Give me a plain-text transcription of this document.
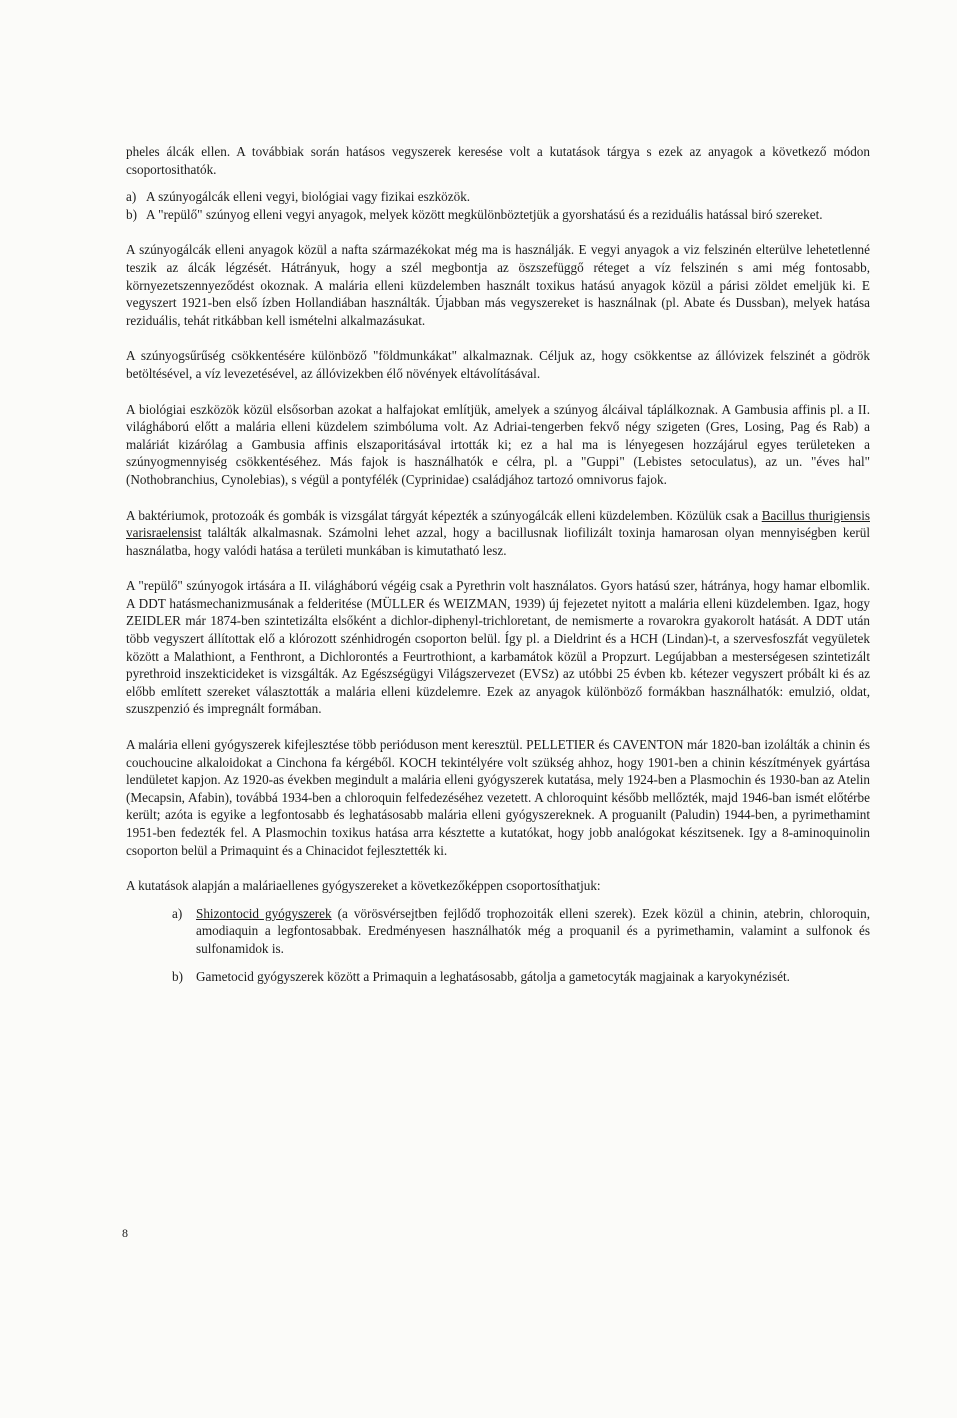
pheles álcák ellen. A továbbiak során hatásos vegyszerek keresése volt a kutatások tárgya s ezek az anyagok a következő módon csoportosithatók.

a) A szúnyogálcák elleni vegyi, biológiai vagy fizikai eszközök.
b) A "repülő" szúnyog elleni vegyi anyagok, melyek között megkülönböztetjük a gyorshatású és a reziduális hatással biró szereket.

A szúnyogálcák elleni anyagok közül a nafta származékokat még ma is használják. E vegyi anyagok a viz felszinén elterülve lehetetlenné teszik az álcák légzését. Hátrányuk, hogy a szél megbontja az öszszefüggő réteget a víz felszinén s ami még fontosabb, környezetszennyeződést okoznak. A malária elleni küzdelemben használt toxikus hatású anyagok közül a párisi zöldet emeljük ki. E vegyszert 1921-ben első ízben Hollandiában használták. Újabban más vegyszereket is használnak (pl. Abate és Dussban), melyek hatása reziduális, tehát ritkábban kell ismételni alkalmazásukat.

A szúnyogsűrűség csökkentésére különböző "földmunkákat" alkalmaznak. Céljuk az, hogy csökkentse az állóvizek felszinét a gödrök betöltésével, a víz levezetésével, az állóvizekben élő növények eltávolításával.

A biológiai eszközök közül elsősorban azokat a halfajokat említjük, amelyek a szúnyog álcáival táplálkoznak. A Gambusia affinis pl. a II. világháború előtt a malária elleni küzdelem szimbóluma volt. Az Adriai-tengerben fekvő négy szigeten (Gres, Losing, Pag és Rab) a maláriát kizárólag a Gambusia affinis elszaporitásával irtották ki; ez a hal ma is lényegesen hozzájárul egyes területeken a szúnyogmennyiség csökkentéséhez. Más fajok is használhatók e célra, pl. a "Guppi" (Lebistes setoculatus), az un. "éves hal" (Nothobranchius, Cynolebias), s végül a pontyfélék (Cyprinidae) családjához tartozó omnivorus fajok.

A baktériumok, protozoák és gombák is vizsgálat tárgyát képezték a szúnyogálcák elleni küzdelemben. Közülük csak a Bacillus thurigiensis varisraelensist találták alkalmasnak. Számolni lehet azzal, hogy a bacillusnak liofilizált toxinja hamarosan olyan mennyiségben kerül használatba, hogy valódi hatása a területi munkában is kimutatható lesz.

A "repülő" szúnyogok irtására a II. világháború végéig csak a Pyrethrin volt használatos. Gyors hatású szer, hátránya, hogy hamar elbomlik. A DDT hatásmechanizmusának a felderitése (MÜLLER és WEIZMAN, 1939) új fejezetet nyitott a malária elleni küzdelemben. Igaz, hogy ZEIDLER már 1874-ben szintetizálta elsőként a dichlor-diphenyl-trichloretant, de nemismerte a rovarokra gyakorolt hatását. A DDT után több vegyszert állítottak elő a klórozott szénhidrogén csoporton belül. Így pl. a Dieldrint és a HCH (Lindan)-t, a szervesfoszfát vegyületek között a Malathiont, a Fenthront, a Dichlorontés a Feurtrothiont, a karbamátok közül a Propzurt. Legújabban a mesterségesen szintetizált pyrethroid inszekticideket is vizsgálták. Az Egészségügyi Világszervezet (EVSz) az utóbbi 25 évben kb. kétezer vegyszert próbált ki és az előbb említett szereket választották a malária elleni küzdelemre. Ezek az anyagok különböző formákban használhatók: emulzió, oldat, szuszpenzió és impregnált formában.

A malária elleni gyógyszerek kifejlesztése több perióduson ment keresztül. PELLETIER és CAVENTON már 1820-ban izolálták a chinin és couchoucine alkaloidokat a Cinchona fa kérgéből. KOCH tekintélyére volt szükség ahhoz, hogy 1901-ben a chinin készítmények gyártása lendületet kapjon. Az 1920-as években megindult a malária elleni gyógyszerek kutatása, mely 1924-ben a Plasmochin és 1930-ban az Atelin (Mecapsin, Afabin), továbbá 1934-ben a chloroquin felfedezéséhez vezetett. A chloroquint később mellőzték, majd 1946-ban ismét előtérbe került; azóta is egyike a legfontosabb és leghatásosabb malária elleni gyógyszereknek. A proguanilt (Paludin) 1944-ben, a pyrimethamint 1951-ben fedezték fel. A Plasmochin toxikus hatása arra késztette a kutatókat, hogy jobb analógokat készitsenek. Igy a 8-aminoquinolin csoporton belül a Primaquint és a Chinacidot fejlesztették ki.

A kutatások alapján a maláriaellenes gyógyszereket a következőképpen csoportosíthatjuk:

a)	Shizontocid gyógyszerek (a vörösvérsejtben fejlődő trophozoiták elleni szerek). Ezek közül a chinin, atebrin, chloroquin, amodiaquin a legfontosabbak. Eredményesen használhatók még a proquanil és a pyrimethamin, valamint a sulfonok és sulfonamidok is.
b) Gametocid gyógyszerek között a Primaquin a leghatásosabb, gátolja a gametocyták magjainak a karyokynézisét.
8
